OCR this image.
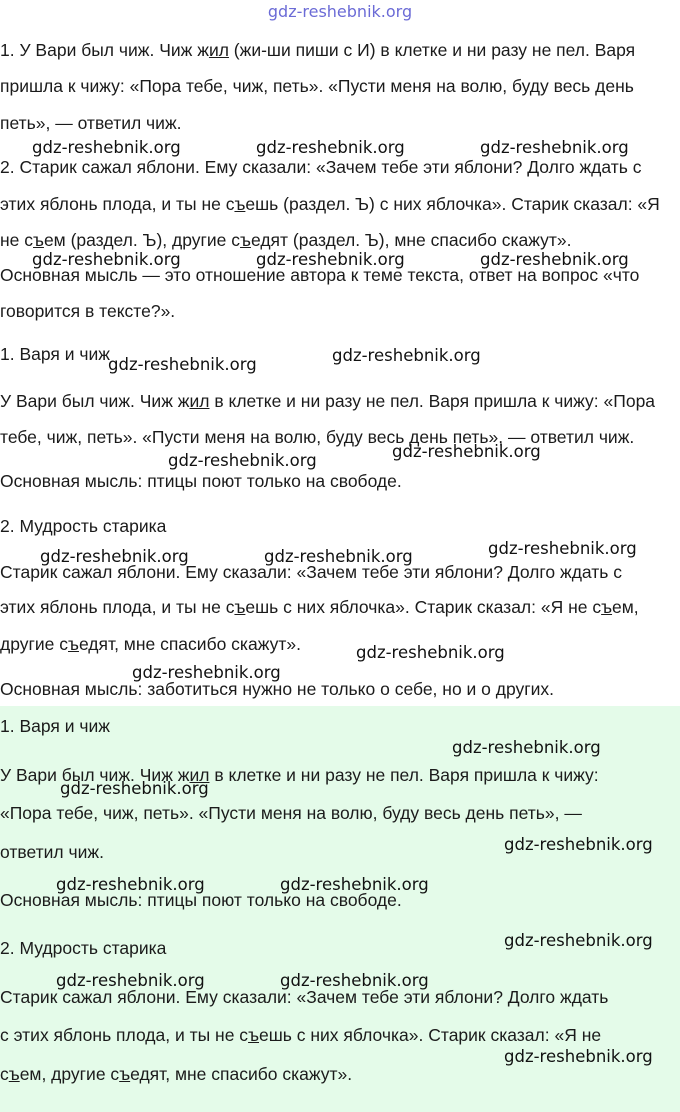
gdz-reshebnik.org

1. У Вари был чиж. Чиж жил (жи-ши пиши с И) в клетке и ни разу не пел. Варя

пришла к чижу: «Пора тебе, чиж, петь». «Пусти меня на волю, буду весь день

петь», — ответил чиж.

2. Старик сажал яблони. Ему сказали: «Зачем тебе эти яблони? Долго ждать с

этих яблонь плода, и ты не съешь (раздел. Ъ) с них яблочка». Старик сказал: «Я

не съем (раздел. Ъ), другие съедят (раздел. Ъ), мне спасибо скажут».

Основная мысль — это отношение автора к теме текста, ответ на вопрос «что

говорится в тексте?».

1. Варя и чиж

У Вари был чиж. Чиж жил в клетке и ни разу не пел. Варя пришла к чижу: «Пора

тебе, чиж, петь». «Пусти меня на волю, буду весь день петь», — ответил чиж.

Основная мысль: птицы поют только на свободе.

2. Мудрость старика

Старик сажал яблони. Ему сказали: «Зачем тебе эти яблони? Долго ждать с

этих яблонь плода, и ты не съешь с них яблочка». Старик сказал: «Я не съем,

другие съедят, мне спасибо скажут».

Основная мысль: заботиться нужно не только о себе, но и о других.

1. Варя и чиж

У Вари был чиж. Чиж жил в клетке и ни разу не пел. Варя пришла к чижу:

«Пора тебе, чиж, петь». «Пусти меня на волю, буду весь день петь», —

ответил чиж.

Основная мысль: птицы поют только на свободе.

2. Мудрость старика

Старик сажал яблони. Ему сказали: «Зачем тебе эти яблони? Долго ждать

с этих яблонь плода, и ты не съешь с них яблочка». Старик сказал: «Я не

съем, другие съедят, мне спасибо скажут».

gdz-reshebnik.org	gdz-reshebnik.org	gdz-reshebnik.org
gdz-reshebnik.org	gdz-reshebnik.org	gdz-reshebnik.org
gdz-reshebnik.org	gdz-reshebnik.org
gdz-reshebnik.org	gdz-reshebnik.org
gdz-reshebnik.org	gdz-reshebnik.org	gdz-reshebnik.org
gdz-reshebnik.org
gdz-reshebnik.org
gdz-reshebnik.org
gdz-reshebnik.org
gdz-reshebnik.org
gdz-reshebnik.org	gdz-reshebnik.org
gdz-reshebnik.org
gdz-reshebnik.org	gdz-reshebnik.org
gdz-reshebnik.org
